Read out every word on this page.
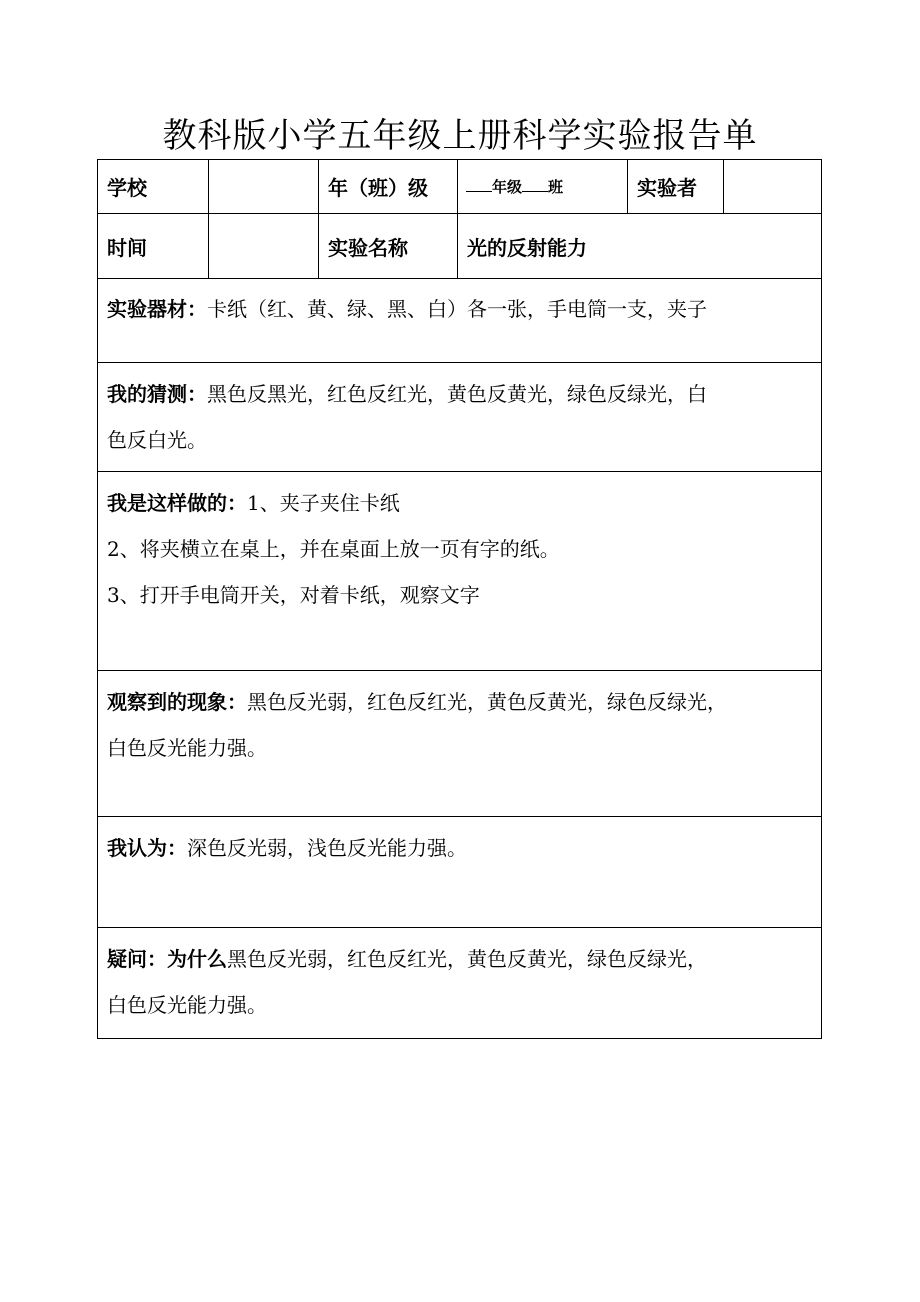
教科版小学五年级上册科学实验报告单
学校		年（班）级	年级 班	实验者	
时间		实验名称	光的反射能力		

实验器材：卡纸（红、黄、绿、黑、白）各一张，手电筒一支，夹子					

我的猜测：黑色反黑光，红色反红光，黄色反黄光，绿色反绿光，白

色反白光。					

我是这样做的：1、夹子夹住卡纸

2、将夹横立在桌上，并在桌面上放一页有字的纸。

3、打开手电筒开关，对着卡纸，观察文字					

观察到的现象：黑色反光弱，红色反红光，黄色反黄光，绿色反绿光，

白色反光能力强。					

我认为：深色反光弱，浅色反光能力强。					

疑问：为什么黑色反光弱，红色反红光，黄色反黄光，绿色反绿光，

白色反光能力强。					
